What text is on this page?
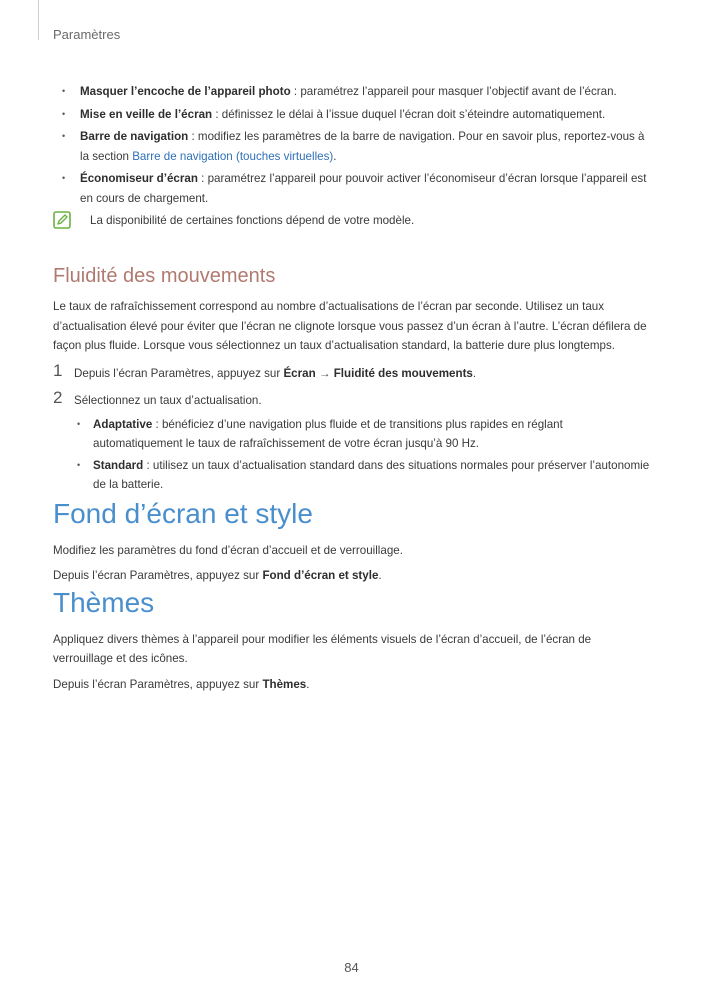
Paramètres
• Masquer l’encoche de l’appareil photo : paramétrez l’appareil pour masquer l’objectif avant de l’écran.
• Mise en veille de l’écran : définissez le délai à l’issue duquel l’écran doit s’éteindre automatiquement.
• Barre de navigation : modifiez les paramètres de la barre de navigation. Pour en savoir plus, reportez-vous à la section Barre de navigation (touches virtuelles).
• Économiseur d’écran : paramétrez l’appareil pour pouvoir activer l’économiseur d’écran lorsque l’appareil est en cours de chargement.
La disponibilité de certaines fonctions dépend de votre modèle.
Fluidité des mouvements

Le taux de rafraîchissement correspond au nombre d’actualisations de l’écran par seconde. Utilisez un taux d’actualisation élevé pour éviter que l’écran ne clignote lorsque vous passez d’un écran à l’autre. L’écran défilera de façon plus fluide. Lorsque vous sélectionnez un taux d’actualisation standard, la batterie dure plus longtemps.

1 Depuis l’écran Paramètres, appuyez sur Écran → Fluidité des mouvements.
2 Sélectionnez un taux d’actualisation.
• Adaptative : bénéficiez d’une navigation plus fluide et de transitions plus rapides en réglant automatiquement le taux de rafraîchissement de votre écran jusqu’à 90 Hz.
• Standard : utilisez un taux d’actualisation standard dans des situations normales pour préserver l’autonomie de la batterie.
Fond d’écran et style

Modifiez les paramètres du fond d’écran d’accueil et de verrouillage.

Depuis l’écran Paramètres, appuyez sur Fond d’écran et style.

Thèmes

Appliquez divers thèmes à l’appareil pour modifier les éléments visuels de l’écran d’accueil, de l’écran de verrouillage et des icônes.

Depuis l’écran Paramètres, appuyez sur Thèmes.

84
